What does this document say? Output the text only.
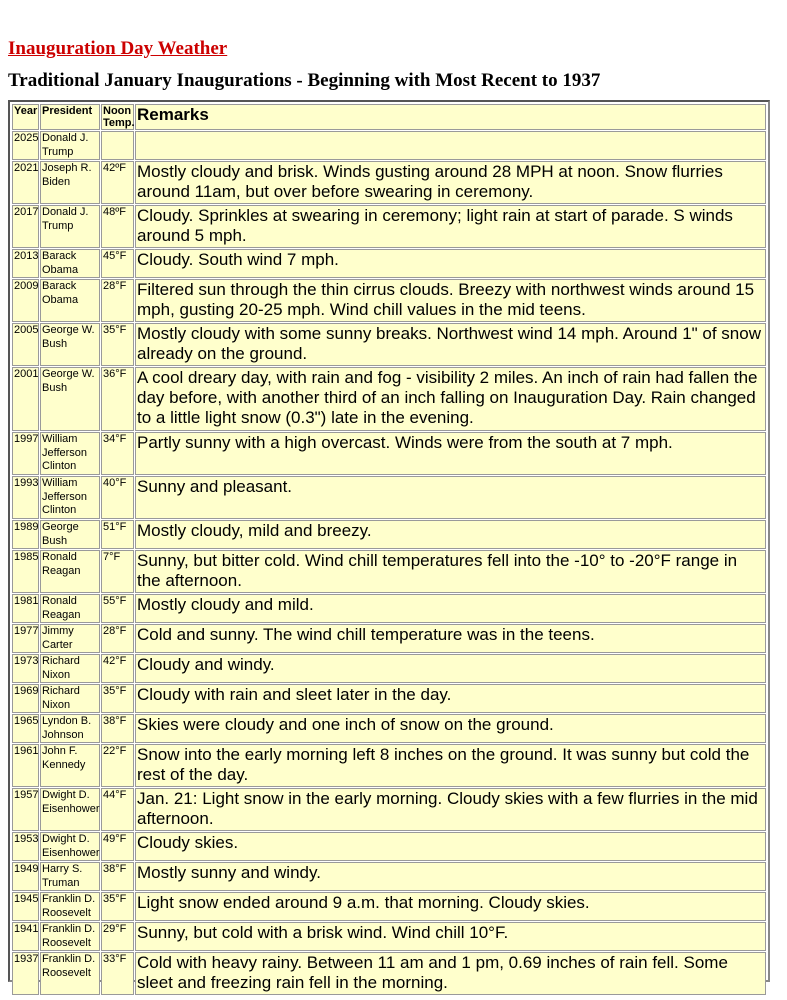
Inauguration Day Weather
Traditional January Inaugurations - Beginning with Most Recent to 1937
Year	President	Noon Temp.	Remarks
2025	Donald J. Trump		
2021	Joseph R. Biden	42ºF	Mostly cloudy and brisk. Winds gusting around 28 MPH at noon. Snow flurries around 11am, but over before swearing in ceremony.
2017	Donald J. Trump	48ºF	Cloudy. Sprinkles at swearing in ceremony; light rain at start of parade. S winds around 5 mph.
2013	Barack Obama	45°F	Cloudy. South wind 7 mph.
2009	Barack Obama	28°F	Filtered sun through the thin cirrus clouds. Breezy with northwest winds around 15 mph, gusting 20-25 mph. Wind chill values in the mid teens.
2005	George W. Bush	35°F	Mostly cloudy with some sunny breaks. Northwest wind 14 mph. Around 1" of snow already on the ground.
2001	George W. Bush	36°F	A cool dreary day, with rain and fog - visibility 2 miles. An inch of rain had fallen the day before, with another third of an inch falling on Inauguration Day. Rain changed to a little light snow (0.3") late in the evening.
1997	William Jefferson Clinton	34°F	Partly sunny with a high overcast. Winds were from the south at 7 mph.
1993	William Jefferson Clinton	40°F	Sunny and pleasant.
1989	George Bush	51°F	Mostly cloudy, mild and breezy.
1985	Ronald Reagan	7°F	Sunny, but bitter cold. Wind chill temperatures fell into the -10° to -20°F range in the afternoon.
1981	Ronald Reagan	55°F	Mostly cloudy and mild.
1977	Jimmy Carter	28°F	Cold and sunny. The wind chill temperature was in the teens.
1973	Richard Nixon	42°F	Cloudy and windy.
1969	Richard Nixon	35°F	Cloudy with rain and sleet later in the day.
1965	Lyndon B. Johnson	38°F	Skies were cloudy and one inch of snow on the ground.
1961	John F. Kennedy	22°F	Snow into the early morning left 8 inches on the ground. It was sunny but cold the rest of the day.
1957	Dwight D. Eisenhower	44°F	Jan. 21: Light snow in the early morning. Cloudy skies with a few flurries in the mid afternoon.
1953	Dwight D. Eisenhower	49°F	Cloudy skies.
1949	Harry S. Truman	38°F	Mostly sunny and windy.
1945	Franklin D. Roosevelt	35°F	Light snow ended around 9 a.m. that morning. Cloudy skies.
1941	Franklin D. Roosevelt	29°F	Sunny, but cold with a brisk wind. Wind chill 10°F.
1937	Franklin D. Roosevelt	33°F	Cold with heavy rainy. Between 11 am and 1 pm, 0.69 inches of rain fell. Some sleet and freezing rain fell in the morning.
